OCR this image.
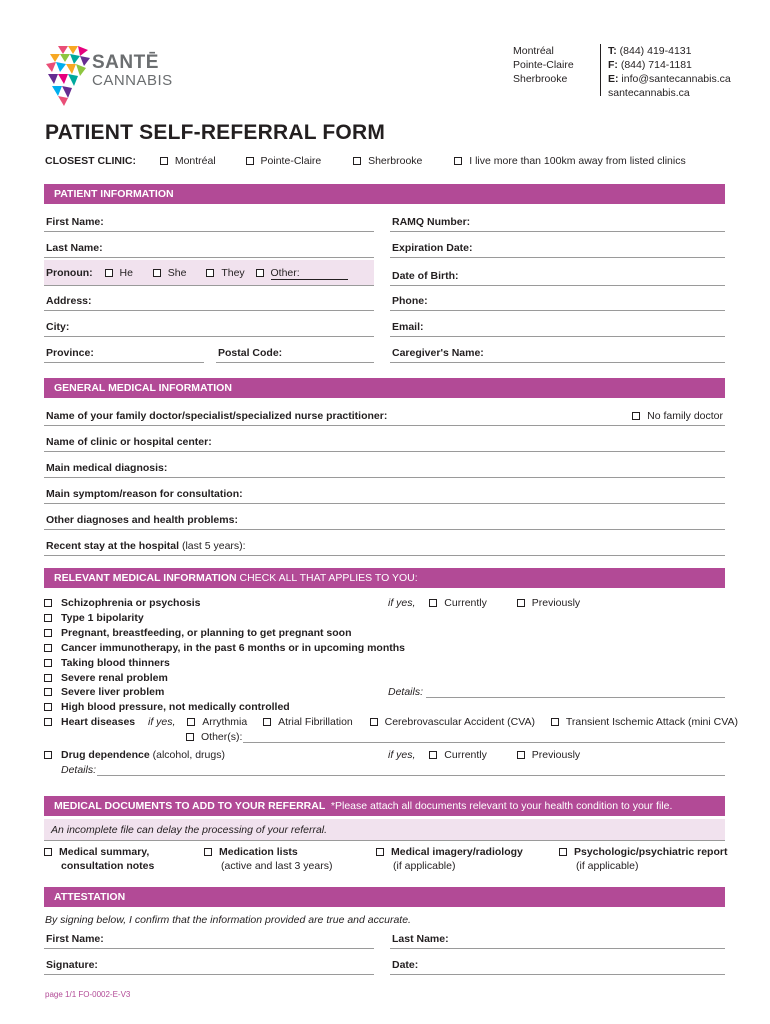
SANTĒ
CANNABIS
Montréal
Pointe-Claire
Sherbrooke
T: (844) 419-4131
F: (844) 714-1181
E: info@santecannabis.ca
santecannabis.ca
PATIENT SELF-REFERRAL FORM
CLOSEST CLINIC:	Montréal	Pointe-Claire	Sherbrooke	I live more than 100km away from listed clinics
PATIENT INFORMATION
First Name:	RAMQ Number:
Last Name:	Expiration Date:
Pronoun:	He	She	They Other:	Date of Birth:
Address:	Phone:
City:	Email:
Province:	Postal Code:	Caregiver's Name:
GENERAL MEDICAL INFORMATION
Name of your family doctor/specialist/specialized nurse practitioner:	No family doctor
Name of clinic or hospital center:
Main medical diagnosis:
Main symptom/reason for consultation:
Other diagnoses and health problems:
Recent stay at the hospital (last 5 years):
RELEVANT MEDICAL INFORMATION CHECK ALL THAT APPLIES TO YOU:
Schizophrenia or psychosis	if yes,	Currently	Previously
Type 1 bipolarity
Pregnant, breastfeeding, or planning to get pregnant soon
Cancer immunotherapy, in the past 6 months or in upcoming months
Taking blood thinners
Severe renal problem
Severe liver problem	Details:
High blood pressure, not medically controlled
Heart diseases if yes,	Arrythmia	Atrial Fibrillation	Cerebrovascular Accident (CVA)	Transient Ischemic Attack (mini CVA)
Other(s):
Drug dependence (alcohol, drugs)	if yes,	Currently	Previously
Details:
MEDICAL DOCUMENTS TO ADD TO YOUR REFERRAL *Please attach all documents relevant to your health condition to your file.
An incomplete file can delay the processing of your referral.
Medical summary,
consultation notes
Medication lists
(active and last 3 years)
Medical imagery/radiology
(if applicable)
Psychologic/psychiatric report
(if applicable)
ATTESTATION
By signing below, I confirm that the information provided are true and accurate.
First Name:	Last Name:
Signature:	Date:
page 1/1 FO-0002-E-V3
